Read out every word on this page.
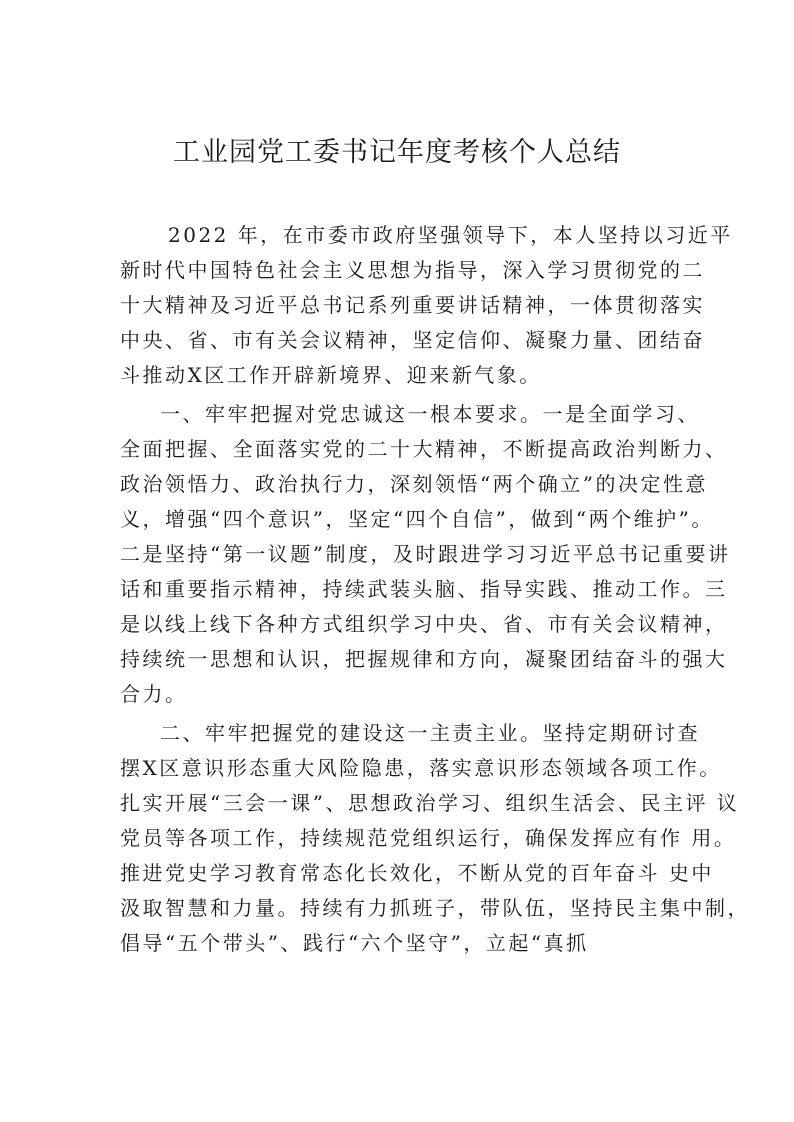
工业园党工委书记年度考核个人总结
2022 年，在市委市政府坚强领导下，本人坚持以习近平
新时代中国特色社会主义思想为指导，深入学习贯彻党的二
十大精神及习近平总书记系列重要讲话精神，一体贯彻落实
中央、省、市有关会议精神，坚定信仰、凝聚力量、团结奋
斗推动X区工作开辟新境界、迎来新气象。
一、牢牢把握对党忠诚这一根本要求。一是全面学习、
全面把握、全面落实党的二十大精神，不断提高政治判断力、
政治领悟力、政治执行力，深刻领悟“两个确立”的决定性意
义，增强“四个意识”，坚定“四个自信”，做到“两个维护”。
二是坚持“第一议题”制度，及时跟进学习习近平总书记重要讲
话和重要指示精神，持续武装头脑、指导实践、推动工作。三
是以线上线下各种方式组织学习中央、省、市有关会议精神，
持续统一思想和认识，把握规律和方向，凝聚团结奋斗的强大
合力。
二、牢牢把握党的建设这一主责主业。坚持定期研讨查
摆X区意识形态重大风险隐患，落实意识形态领域各项工作。
扎实开展“三会一课”、思想政治学习、组织生活会、民主评 议
党员等各项工作，持续规范党组织运行，确保发挥应有作 用。
推进党史学习教育常态化长效化，不断从党的百年奋斗 史中
汲取智慧和力量。持续有力抓班子，带队伍，坚持民主集中制，
倡导“五个带头”、践行“六个坚守”，立起“真抓
